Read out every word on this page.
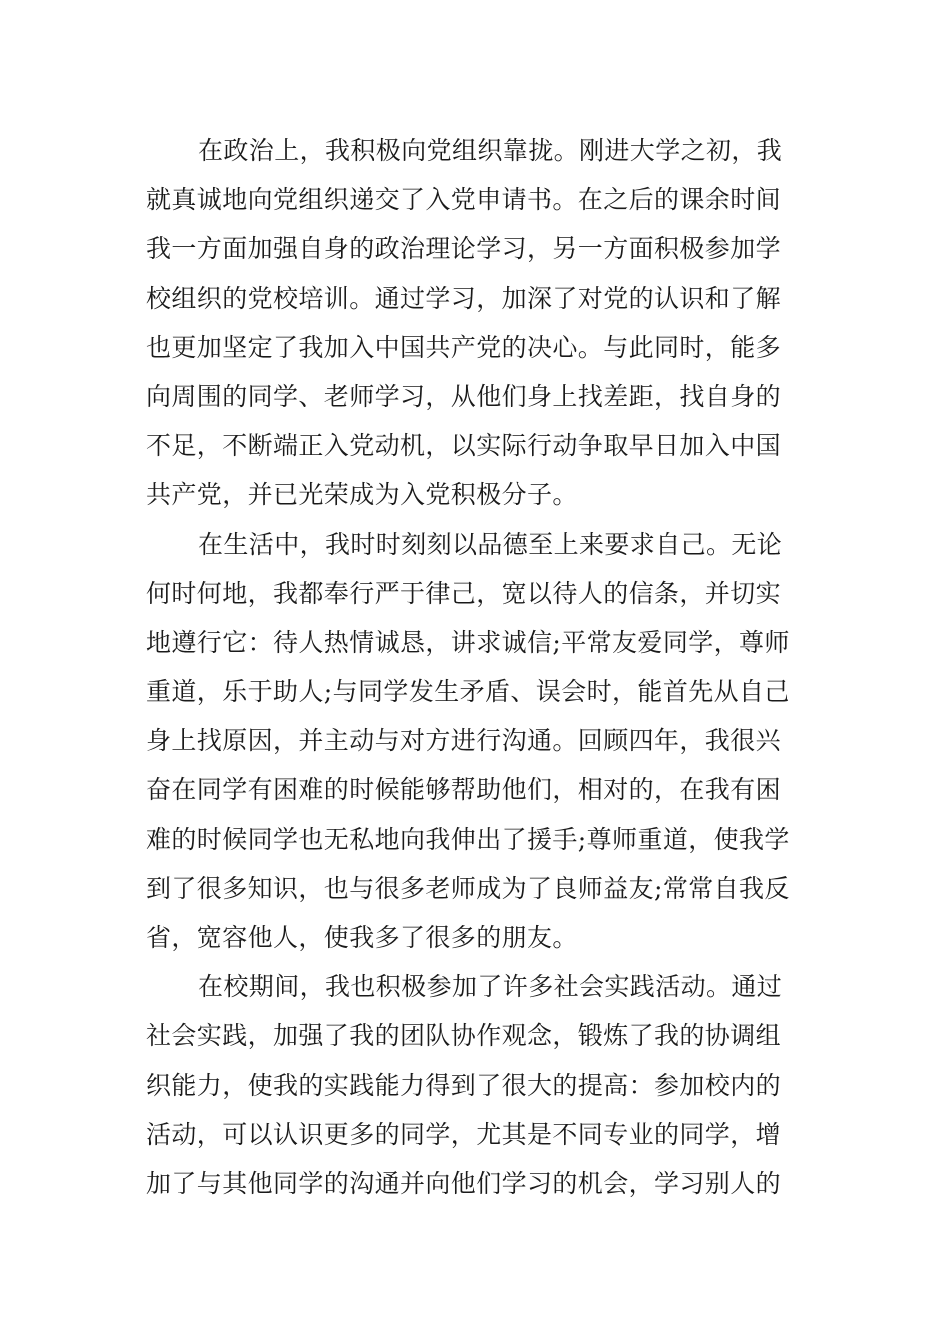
在政治上，我积极向党组织靠拢。刚进大学之初，我
就真诚地向党组织递交了入党申请书。在之后的课余时间
我一方面加强自身的政治理论学习，另一方面积极参加学
校组织的党校培训。通过学习，加深了对党的认识和了解
也更加坚定了我加入中国共产党的决心。与此同时，能多
向周围的同学、老师学习，从他们身上找差距，找自身的
不足，不断端正入党动机，以实际行动争取早日加入中国
共产党，并已光荣成为入党积极分子。
在生活中，我时时刻刻以品德至上来要求自己。无论
何时何地，我都奉行严于律己，宽以待人的信条，并切实
地遵行它：待人热情诚恳，讲求诚信;平常友爱同学，尊师
重道，乐于助人;与同学发生矛盾、误会时，能首先从自己
身上找原因，并主动与对方进行沟通。回顾四年，我很兴
奋在同学有困难的时候能够帮助他们，相对的，在我有困
难的时候同学也无私地向我伸出了援手;尊师重道，使我学
到了很多知识，也与很多老师成为了良师益友;常常自我反
省，宽容他人，使我多了很多的朋友。
在校期间，我也积极参加了许多社会实践活动。通过
社会实践，加强了我的团队协作观念，锻炼了我的协调组
织能力，使我的实践能力得到了很大的提高：参加校内的
活动，可以认识更多的同学，尤其是不同专业的同学，增
加了与其他同学的沟通并向他们学习的机会，学习别人的
